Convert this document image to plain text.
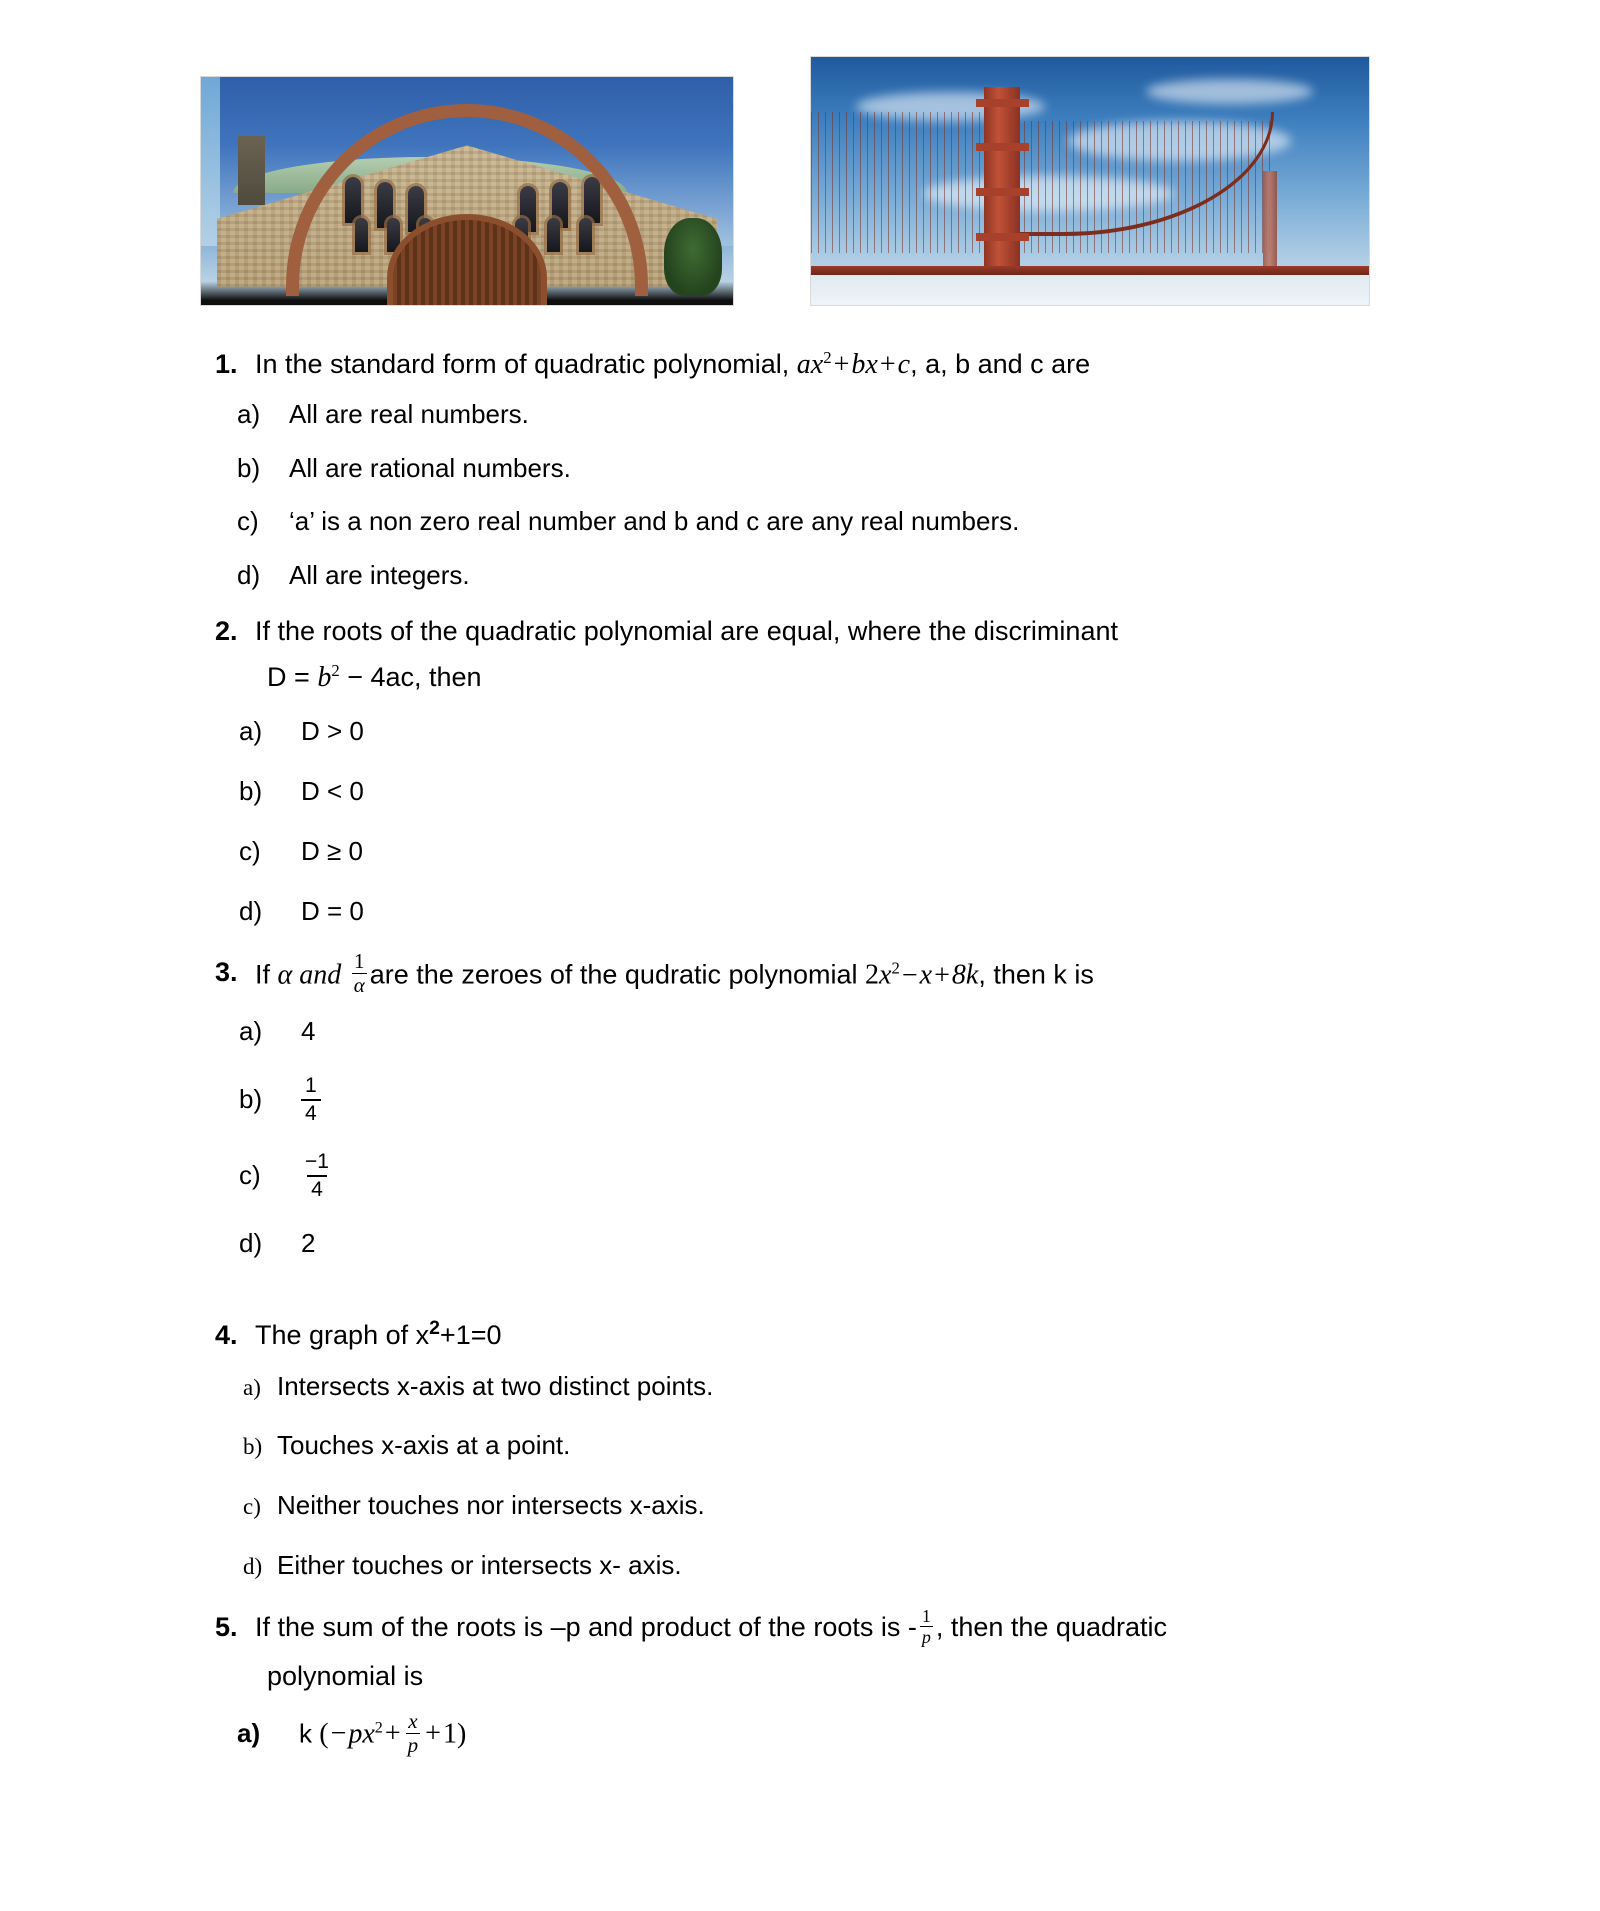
1. In the standard form of quadratic polynomial, $ax^2+bx+c$, a, b and c are
a)	All are real numbers.
b)	All are rational numbers.
c)	‘a’ is a non zero real number and b and c are any real numbers.
d)	All are integers.
2. If the roots of the quadratic polynomial are equal, where the discriminant
$D = b^2 - 4ac$, then
a)	D > 0
b)	D < 0
c)	D ≥ 0
d)	D = 0
3. If α and $\frac{1}{\alpha}$ are the zeroes of the qudratic polynomial $2x^2-x+8k$, then k is
a)	4
b)	$\frac{1}{4}$
c)	$\frac{-1}{4}$
d)	2
4. The graph of $x^2+1=0$
a) Intersects x-axis at two distinct points.
b) Touches x-axis at a point.
c) Neither touches nor intersects x-axis.
d) Either touches or intersects x- axis.
5. If the sum of the roots is –p and product of the roots is - $\frac{1}{p}$ , then the quadratic
polynomial is
a)	k $(-px^2+ \frac{x}{p} +1)$
